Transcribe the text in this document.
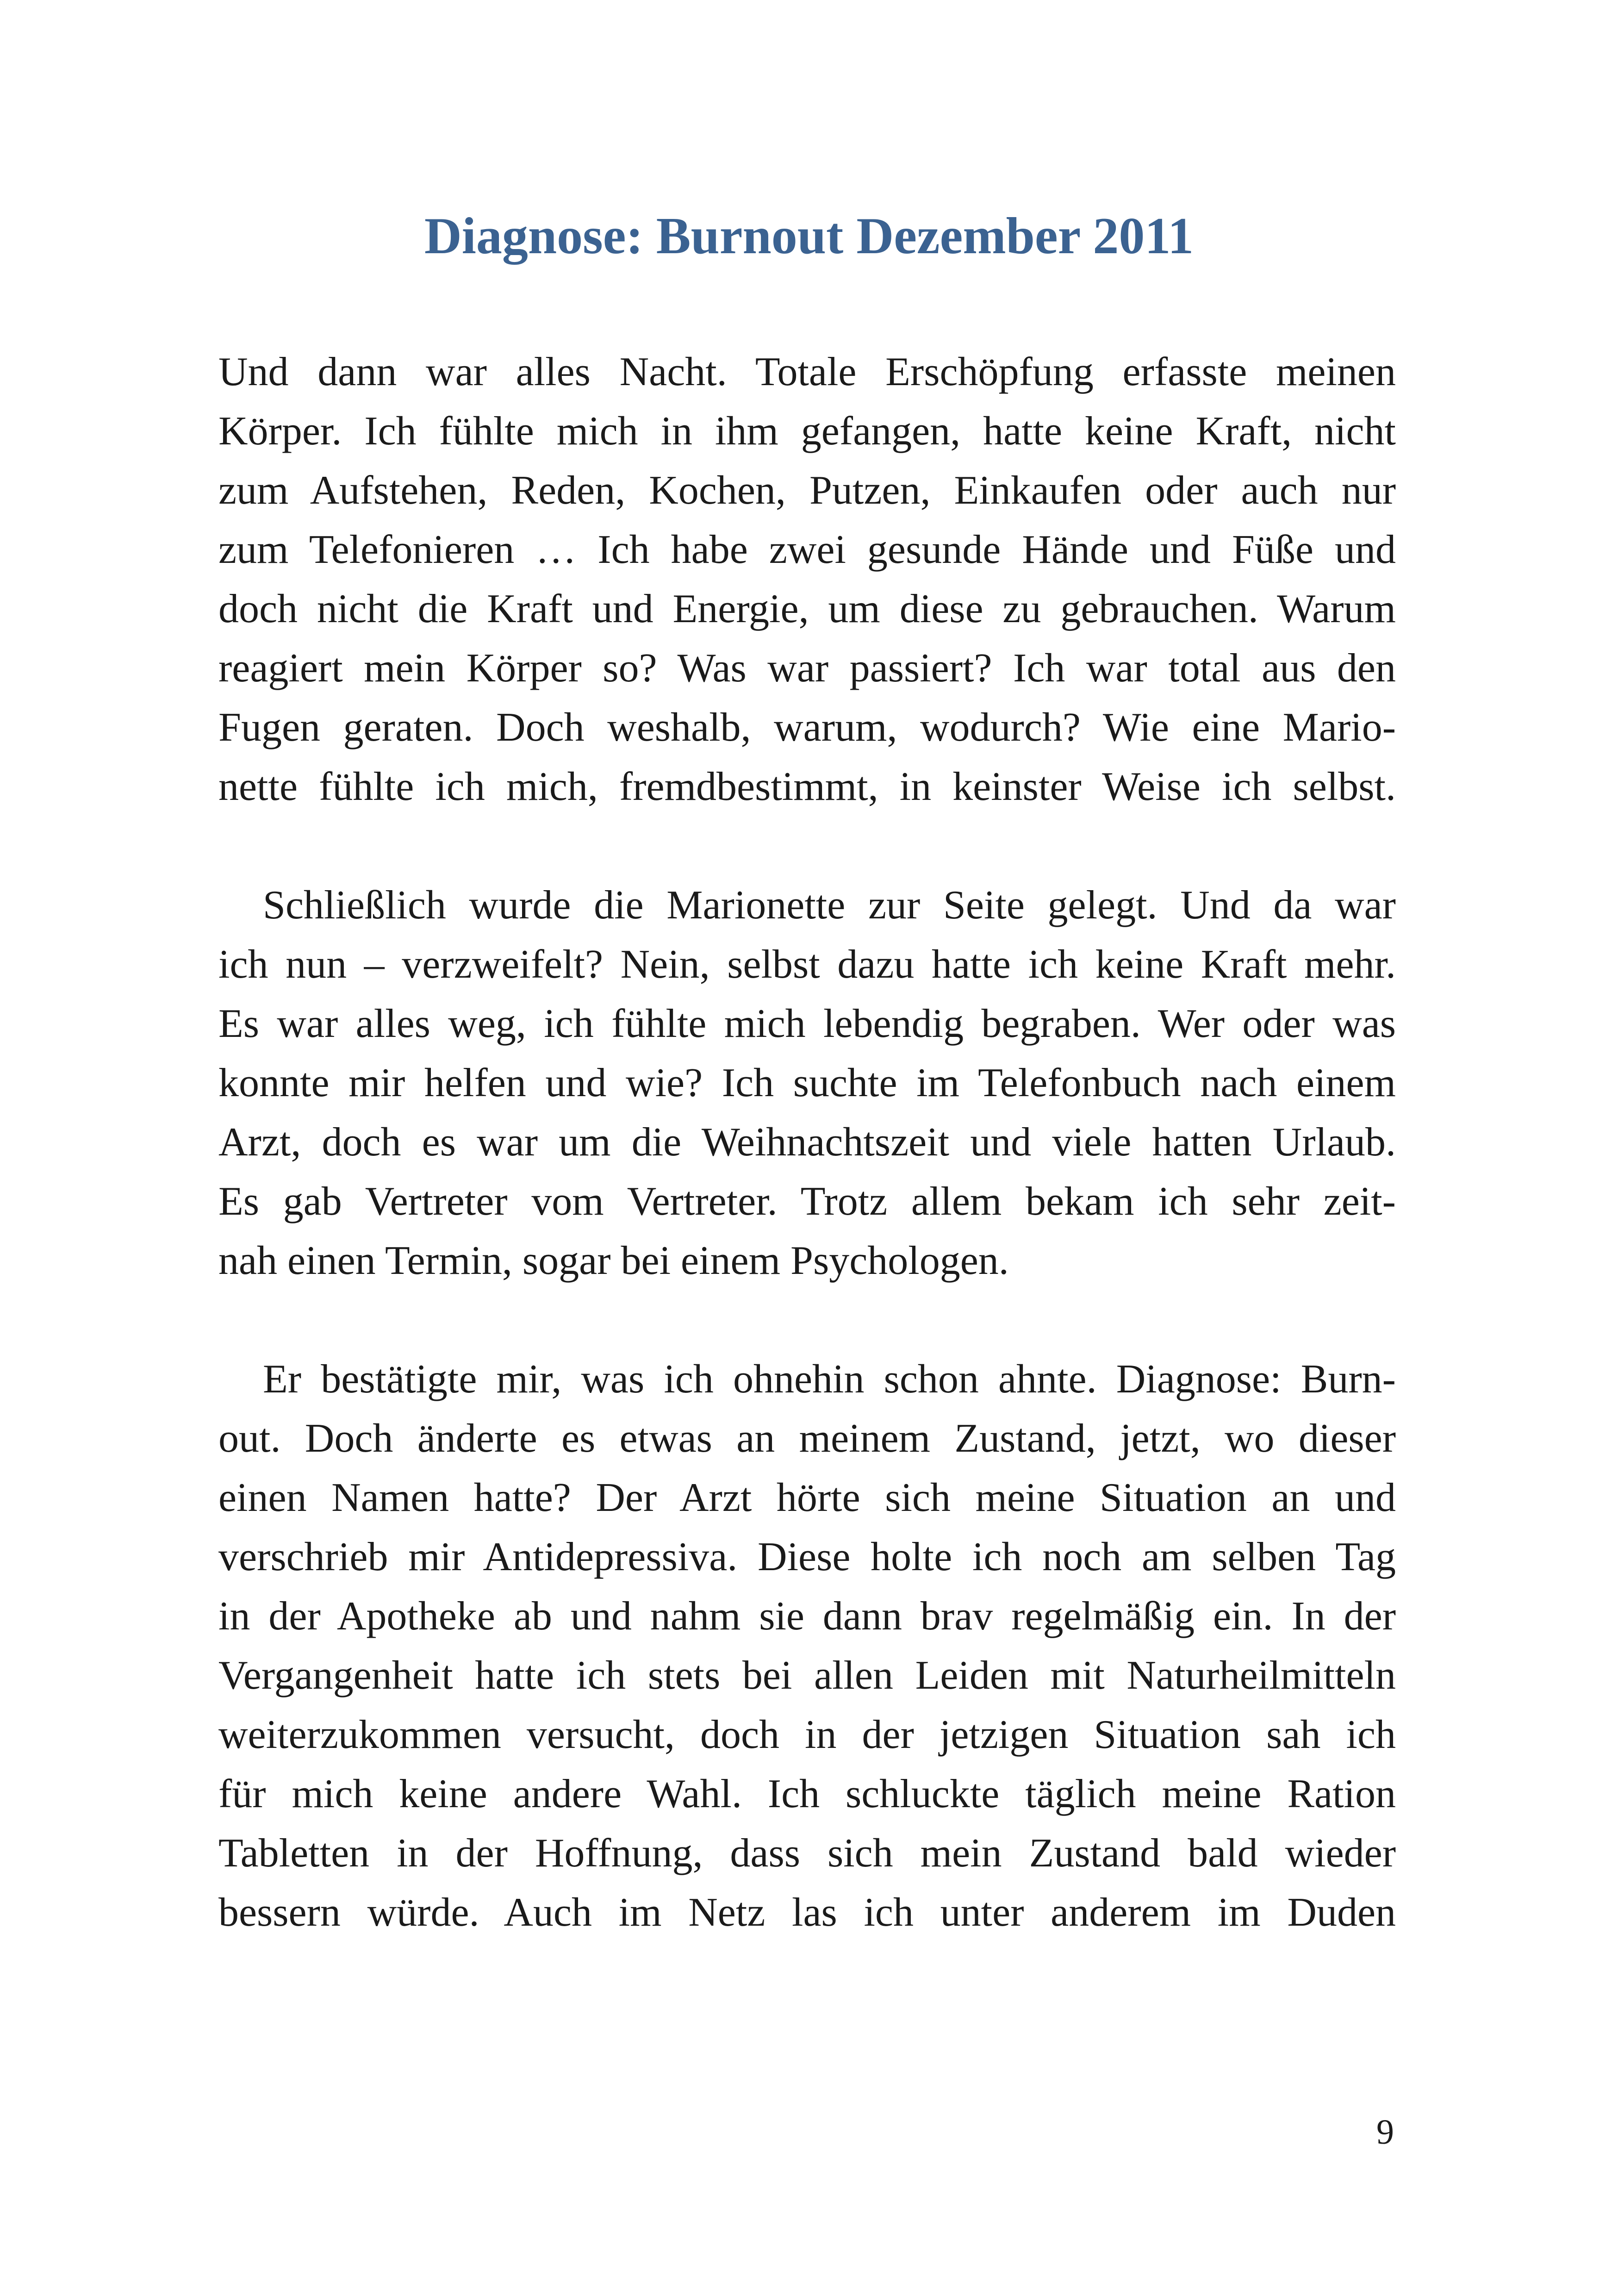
Diagnose: Burnout Dezember 2011

Und dann war alles Nacht. Totale Erschöpfung erfasste meinen
Körper. Ich fühlte mich in ihm gefangen, hatte keine Kraft, nicht
zum Aufstehen, Reden, Kochen, Putzen, Einkaufen oder auch nur
zum Telefonieren … Ich habe zwei gesunde Hände und Füße und
doch nicht die Kraft und Energie, um diese zu gebrauchen. Warum
reagiert mein Körper so? Was war passiert? Ich war total aus den
Fugen geraten. Doch weshalb, warum, wodurch? Wie eine Mario-
nette fühlte ich mich, fremdbestimmt, in keinster Weise ich selbst.

Schließlich wurde die Marionette zur Seite gelegt. Und da war
ich nun – verzweifelt? Nein, selbst dazu hatte ich keine Kraft mehr.
Es war alles weg, ich fühlte mich lebendig begraben. Wer oder was
konnte mir helfen und wie? Ich suchte im Telefonbuch nach einem
Arzt, doch es war um die Weihnachtszeit und viele hatten Urlaub.
Es gab Vertreter vom Vertreter. Trotz allem bekam ich sehr zeit-
nah einen Termin, sogar bei einem Psychologen.

Er bestätigte mir, was ich ohnehin schon ahnte. Diagnose: Burn-
out. Doch änderte es etwas an meinem Zustand, jetzt, wo dieser
einen Namen hatte? Der Arzt hörte sich meine Situation an und
verschrieb mir Antidepressiva. Diese holte ich noch am selben Tag
in der Apotheke ab und nahm sie dann brav regelmäßig ein. In der
Vergangenheit hatte ich stets bei allen Leiden mit Naturheilmitteln
weiterzukommen versucht, doch in der jetzigen Situation sah ich
für mich keine andere Wahl. Ich schluckte täglich meine Ration
Tabletten in der Hoffnung, dass sich mein Zustand bald wieder
bessern würde. Auch im Netz las ich unter anderem im Duden

9
